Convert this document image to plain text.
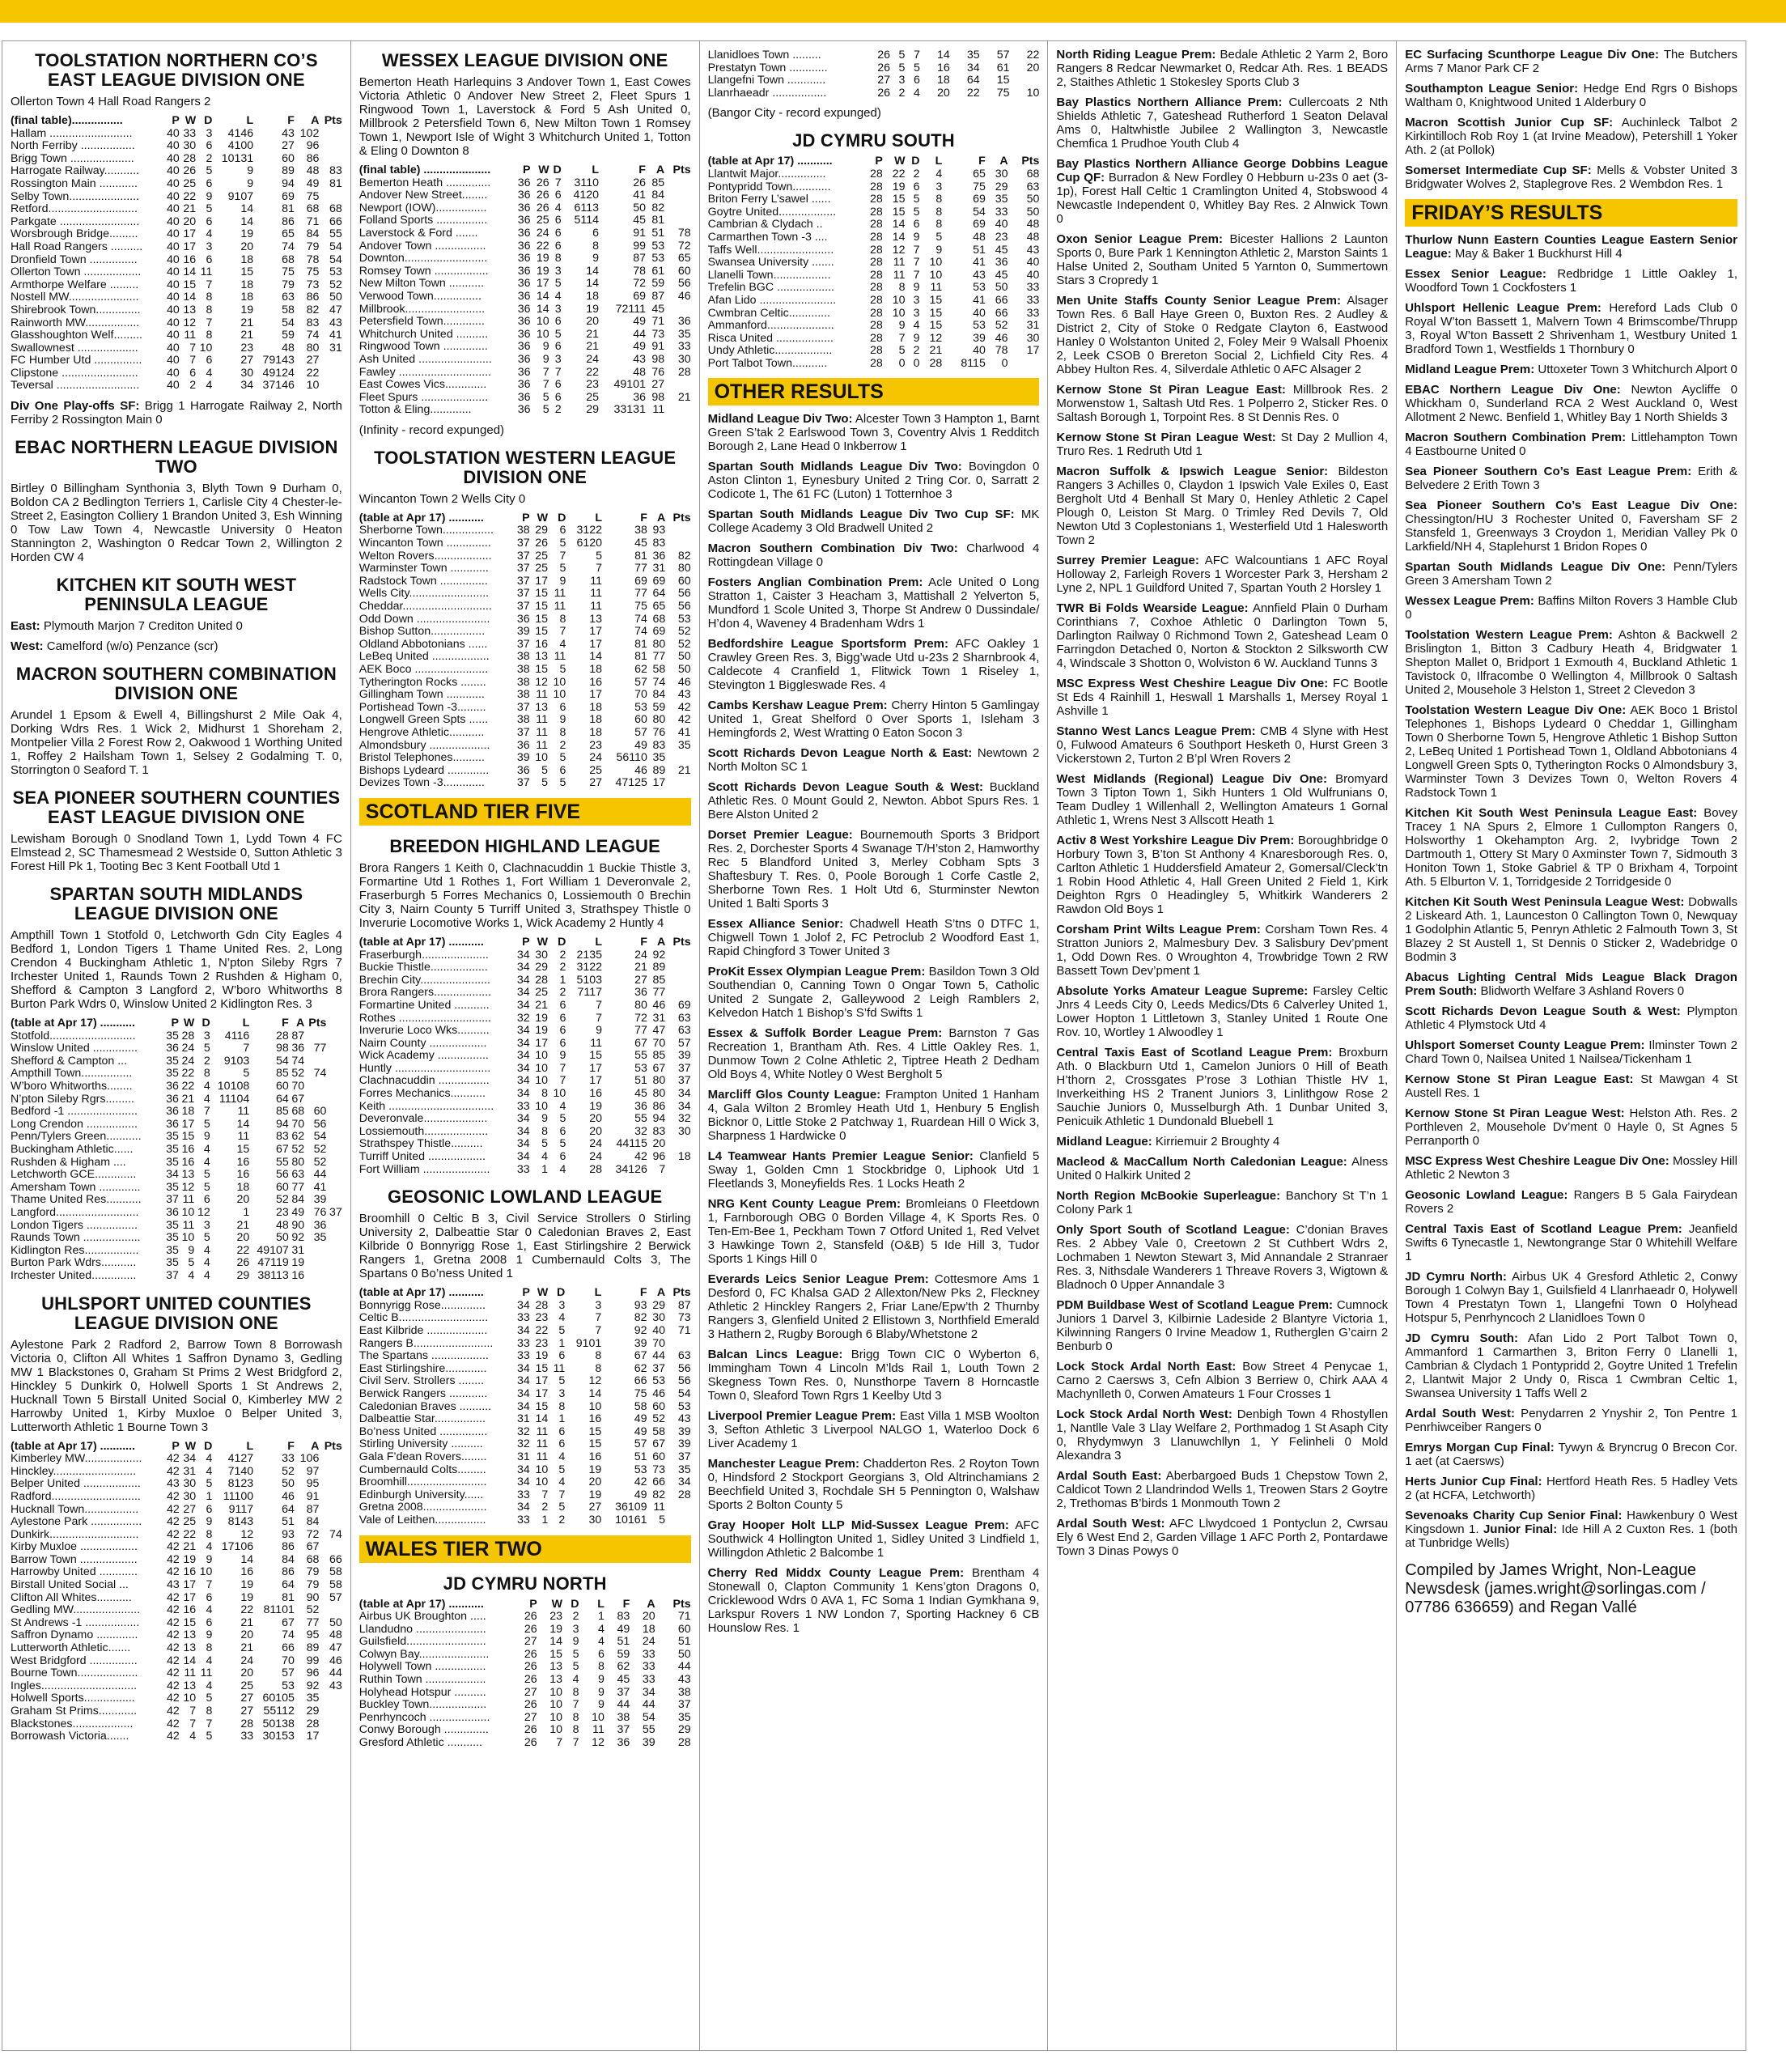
TOOLSTATION NORTHERN CO’S EAST LEAGUE DIVISION ONE
Ollerton Town 4 Hall Road Rangers 2
(final table)................	P	W	D	L	F	A	Pts
Hallam ..........................	40	33	3	4146	43	102	
North Ferriby .................	40	30	6	4100	27	96	
Brigg Town ....................	40	28	2	10131	60	86	
Harrogate Railway...........	40	26	5	9	89	48	83
Rossington Main ............	40	25	6	9	94	49	81
Selby Town......................	40	22	9	9107	69	75	
Retford............................	40	21	5	14	81	68	68
Parkgate .........................	40	20	6	14	86	71	66
Worsbrough Bridge.........	40	17	4	19	65	84	55
Hall Road Rangers ..........	40	17	3	20	74	79	54
Dronfield Town ...............	40	16	6	18	68	78	54
Ollerton Town ..................	40	14	11	15	75	75	53
Armthorpe Welfare .........	40	15	7	18	79	73	52
Nostell MW......................	40	14	8	18	63	86	50
Shirebrook Town..............	40	13	8	19	58	82	47
Rainworth MW.................	40	12	7	21	54	83	43
Glasshoughton Welf.........	40	11	8	21	59	74	41
Swallownest ...................	40	7	10	23	48	80	31
FC Humber Utd ...............	40	7	6	27	79143	27	
Clipstone ........................	40	6	4	30	49124	22	
Teversal ..........................	40	2	4	34	37146	10	
Div One Play-offs SF: Brigg 1 Harrogate Railway 2, North Ferriby 2 Rossington Main 0
EBAC NORTHERN LEAGUE DIVISION TWO
Birtley 0 Billingham Synthonia 3, Blyth Town 9 Durham 0, Boldon CA 2 Bedlington Terriers 1, Carlisle City 4 Chester-le-Street 2, Easington Colliery 1 Brandon United 3, Esh Winning 0 Tow Law Town 4, Newcastle University 0 Heaton Stannington 2, Washington 0 Redcar Town 2, Willington 2 Horden CW 4
KITCHEN KIT SOUTH WEST PENINSULA LEAGUE
East: Plymouth Marjon 7 Crediton United 0
West: Camelford (w/o) Penzance (scr)
MACRON SOUTHERN COMBINATION DIVISION ONE
Arundel 1 Epsom & Ewell 4, Billingshurst 2 Mile Oak 4, Dorking Wdrs Res. 1 Wick 2, Midhurst 1 Shoreham 2, Montpelier Villa 2 Forest Row 2, Oakwood 1 Worthing United 1, Roffey 2 Hailsham Town 1, Selsey 2 Godalming T. 0, Storrington 0 Seaford T. 1
SEA PIONEER SOUTHERN COUNTIES EAST LEAGUE DIVISION ONE
Lewisham Borough 0 Snodland Town 1, Lydd Town 4 FC Elmstead 2, SC Thamesmead 2 Westside 0, Sutton Athletic 3 Forest Hill Pk 1, Tooting Bec 3 Kent Football Utd 1
SPARTAN SOUTH MIDLANDS LEAGUE DIVISION ONE
Ampthill Town 1 Stotfold 0, Letchworth Gdn City Eagles 4 Bedford 1, London Tigers 1 Thame United Res. 2, Long Crendon 4 Buckingham Athletic 1, N’pton Sileby Rgrs 7 Irchester United 1, Raunds Town 2 Rushden & Higham 0, Shefford & Campton 3 Langford 2, W’boro Whitworths 8 Burton Park Wdrs 0, Winslow United 2 Kidlington Res. 3
(table at Apr 17) ...........	P	W	D	L	F	A	Pts	
Stotfold...........................	35	28	3	4116	28	87		
Winslow United ..............	36	24	5	7	98	36	77	
Shefford & Campton ...	35	24	2	9103	54	74		
Ampthill Town................	35	22	8	5	85	52	74	
W’boro Whitworths........	36	22	4	10108	60	70		
N’pton Sileby Rgrs.........	36	21	4	11104	64	67		
Bedford -1 ......................	36	18	7	11	85	68	60	
Long Crendon ................	36	17	5	14	94	70	56	
Penn/Tylers Green...........	35	15	9	11	83	62	54	
Buckingham Athletic......	35	16	4	15	67	52	52	
Rushden & Higham ....	35	16	4	16	55	80	52	
Letchworth GCE.............	34	13	5	16	56	63	44	
Amersham Town .............	35	12	5	18	60	77	41	
Thame United Res...........	37	11	6	20	52	84	39	
Langford..........................	36	10	12	1	23	49	76	37
London Tigers ................	35	11	3	21	48	90	36	
Raunds Town ..................	35	10	5	20	50	92	35	
Kidlington Res.................	35	9	4	22	49107	31		
Burton Park Wdrs...........	35	5	4	26	47119	19		
Irchester United..............	37	4	4	29	38113	16		
UHLSPORT UNITED COUNTIES LEAGUE DIVISION ONE
Aylestone Park 2 Radford 2, Barrow Town 8 Borrowash Victoria 0, Clifton All Whites 1 Saffron Dynamo 3, Gedling MW 1 Blackstones 0, Graham St Prims 2 West Bridgford 2, Hinckley 5 Dunkirk 0, Holwell Sports 1 St Andrews 2, Hucknall Town 5 Birstall United Social 0, Kimberley MW 2 Harrowby United 1, Kirby Muxloe 0 Belper United 3, Lutterworth Athletic 1 Bourne Town 3
(table at Apr 17) ...........	P	W	D	L	F	A	Pts
Kimberley MW..................	42	34	4	4127	33	106	
Hinckley..........................	42	31	4	7140	52	97	
Belper United ..................	43	30	5	8123	50	95	
Radford............................	42	30	1	11100	46	91	
Hucknall Town.................	42	27	6	9117	64	87	
Aylestone Park ................	42	25	9	8143	51	84	
Dunkirk............................	42	22	8	12	93	72	74
Kirby Muxloe ..................	42	21	4	17106	86	67	
Barrow Town ..................	42	19	9	14	84	68	66
Harrowby United ............	42	16	10	16	86	79	58
Birstall United Social ...	43	17	7	19	64	79	58
Clifton All Whites...........	42	17	6	19	81	90	57
Gedling MW.....................	42	16	4	22	81101	52	
St Andrews -1 .................	42	15	6	21	67	77	50
Saffron Dynamo .............	42	13	9	20	74	95	48
Lutterworth Athletic.......	42	13	8	21	66	89	47
West Bridgford ...............	42	14	4	24	70	99	46
Bourne Town...................	42	11	11	20	57	96	44
Ingles..............................	42	13	4	25	53	92	43
Holwell Sports................	42	10	5	27	60105	35	
Graham St Prims............	42	7	8	27	55112	29	
Blackstones...................	42	7	7	28	50138	28	
Borrowash Victoria.......	42	4	5	33	30153	17	
WESSEX LEAGUE DIVISION ONE
Bemerton Heath Harlequins 3 Andover Town 1, East Cowes Victoria Athletic 0 Andover New Street 2, Fleet Spurs 1 Ringwood Town 1, Laverstock & Ford 5 Ash United 0, Millbrook 2 Petersfield Town 6, New Milton Town 1 Romsey Town 1, Newport Isle of Wight 3 Whitchurch United 1, Totton & Eling 0 Downton 8
(final table) .....................	P	W	D	L	F	A	Pts
Bemerton Heath ..............	36	26	7	3110	26	85	
Andover New Street........	36	26	6	4120	41	84	
Newport (IOW)................	36	26	4	6113	50	82	
Folland Sports ................	36	25	6	5114	45	81	
Laverstock & Ford .......	36	24	6	6	91	51	78
Andover Town ................	36	22	6	8	99	53	72
Downton..........................	36	19	8	9	87	53	65
Romsey Town .................	36	19	3	14	78	61	60
New Milton Town ...........	36	17	5	14	72	59	56
Verwood Town...............	36	14	4	18	69	87	46
Millbrook.........................	36	14	3	19	72111	45	
Petersfield Town.............	36	10	6	20	49	71	36
Whitchurch United ..........	36	10	5	21	44	73	35
Ringwood Town ..............	36	9	6	21	49	91	33
Ash United .......................	36	9	3	24	43	98	30
Fawley .............................	36	7	7	22	48	76	28
East Cowes Vics.............	36	7	6	23	49101	27	
Fleet Spurs .....................	36	5	6	25	36	98	21
Totton & Eling.............	36	5	2	29	33131	11	
(Infinity - record expunged)
TOOLSTATION WESTERN LEAGUE DIVISION ONE
Wincanton Town 2 Wells City 0
(table at Apr 17) ...........	P	W	D	L	F	A	Pts
Sherborne Town................	38	29	6	3122	38	93	
Wincanton Town ..............	37	26	5	6120	45	83	
Welton Rovers..................	37	25	7	5	81	36	82
Warminster Town ............	37	25	5	7	77	31	80
Radstock Town ...............	37	17	9	11	69	69	60
Wells City.........................	37	15	11	11	77	64	56
Cheddar............................	37	15	11	11	75	65	56
Odd Down .......................	36	15	8	13	74	68	53
Bishop Sutton.................	39	15	7	17	74	69	52
Oldland Abbotonians ......	37	16	4	17	81	80	52
LeBeq United ..................	38	13	11	14	81	77	50
AEK Boco .......................	38	15	5	18	62	58	50
Tytherington Rocks ........	38	12	10	16	57	74	46
Gillingham Town ............	38	11	10	17	70	84	43
Portishead Town -3.........	37	13	6	18	53	59	42
Longwell Green Spts ......	38	11	9	18	60	80	42
Hengrove Athletic...........	37	11	8	18	57	76	41
Almondsbury ...................	36	11	2	23	49	83	35
Bristol Telephones..........	39	10	5	24	56110	35	
Bishops Lydeard .............	36	5	6	25	46	89	21
Devizes Town -3.............	37	5	5	27	47125	17	
SCOTLAND TIER FIVE
BREEDON HIGHLAND LEAGUE
Brora Rangers 1 Keith 0, Clachnacuddin 1 Buckie Thistle 3, Formartine Utd 1 Rothes 1, Fort William 1 Deveronvale 2, Fraserburgh 5 Forres Mechanics 0, Lossiemouth 0 Brechin City 3, Nairn County 5 Turriff United 3, Strathspey Thistle 0 Inverurie Locomotive Works 1, Wick Academy 2 Huntly 4
(table at Apr 17) ...........	P	W	D	L	F	A	Pts
Fraserburgh.....................	34	30	2	2135	24	92	
Buckie Thistle..................	34	29	2	3122	21	89	
Brechin City......................	34	28	1	5103	27	85	
Brora Rangers..................	34	25	2	7117	36	77	
Formartine United ...........	34	21	6	7	80	46	69
Rothes .............................	32	19	6	7	72	31	63
Inverurie Loco Wks..........	34	19	6	9	77	47	63
Nairn County ..................	34	17	6	11	67	70	57
Wick Academy ................	34	10	9	15	55	85	39
Huntly ..............................	34	10	7	17	53	67	37
Clachnacuddin ................	34	10	7	17	51	80	37
Forres Mechanics...........	34	8	10	16	45	80	34
Keith .................................	33	10	4	19	36	86	34
Deveronvale....................	34	9	5	20	55	94	32
Lossiemouth....................	34	8	6	20	32	83	30
Strathspey Thistle..........	34	5	5	24	44115	20	
Turriff United ..................	34	4	6	24	42	96	18
Fort William .....................	33	1	4	28	34126	7	
GEOSONIC LOWLAND LEAGUE
Broomhill 0 Celtic B 3, Civil Service Strollers 0 Stirling University 2, Dalbeattie Star 0 Caledonian Braves 2, East Kilbride 0 Bonnyrigg Rose 1, East Stirlingshire 2 Berwick Rangers 1, Gretna 2008 1 Cumbernauld Colts 3, The Spartans 0 Bo’ness United 1
(table at Apr 17) ...........	P	W	D	L	F	A	Pts
Bonnyrigg Rose..............	34	28	3	3	93	29	87
Celtic B............................	33	23	4	7	82	30	73
East Kilbride ...................	34	22	5	7	92	40	71
Rangers B.........................	33	23	1	9101	39	70	
The Spartans ..................	33	19	6	8	67	44	63
East Stirlingshire.............	34	15	11	8	62	37	56
Civil Serv. Strollers ........	34	17	5	12	66	53	56
Berwick Rangers ............	34	17	3	14	75	46	54
Caledonian Braves ..........	34	15	8	10	58	60	53
Dalbeattie Star................	31	14	1	16	49	52	43
Bo’ness United ...............	32	11	6	15	49	58	39
Stirling University ..........	32	11	6	15	57	67	39
Gala F’dean Rovers........	31	11	4	16	51	60	37
Cumbernauld Colts.........	34	10	5	19	53	73	35
Broomhill.........................	34	10	4	20	42	66	34
Edinburgh University......	33	7	7	19	49	82	28
Gretna 2008....................	34	2	5	27	36109	11	
Vale of Leithen................	33	1	2	30	10161	5	
WALES TIER TWO
JD CYMRU NORTH
(table at Apr 17) ...........	P	W	D	L	F	A	Pts
Airbus UK Broughton .....	26	23	2	1	83	20	71
Llandudno ......................	26	19	3	4	49	18	60
Guilsfield.........................	27	14	9	4	51	24	51
Colwyn Bay......................	26	15	5	6	59	33	50
Holywell Town ................	26	13	5	8	62	33	44
Ruthin Town ...................	26	13	4	9	45	33	43
Holyhead Hotspur ..........	27	10	8	9	37	34	38
Buckley Town..................	26	10	7	9	44	44	37
Penrhyncoch ...................	27	10	8	10	38	54	35
Conwy Borough ..............	26	10	8	11	37	55	29
Gresford Athletic ...........	26	7	7	12	36	39	28
Llanidloes Town .........	26	5	7	14	35	57	22
Prestatyn Town ............	26	5	5	16	34	61	20
Llangefni Town ............	27	3	6	18	64	15	
Llanrhaeadr .................	26	2	4	20	22	75	10
(Bangor City - record expunged)
JD CYMRU SOUTH
(table at Apr 17) ...........	P	W	D	L	F	A	Pts
Llantwit Major...............	28	22	2	4	65	30	68
Pontypridd Town............	28	19	6	3	75	29	63
Briton Ferry L’sawel ......	28	15	5	8	69	35	50
Goytre United..................	28	15	5	8	54	33	50
Cambrian & Clydach ..	28	14	6	8	69	40	48
Carmarthen Town -3 ....	28	14	9	5	48	23	48
Taffs Well........................	28	12	7	9	51	45	43
Swansea University .......	28	11	7	10	41	36	40
Llanelli Town..................	28	11	7	10	43	45	40
Trefelin BGC ..................	28	8	9	11	53	50	33
Afan Lido ........................	28	10	3	15	41	66	33
Cwmbran Celtic.............	28	10	3	15	40	66	33
Ammanford.....................	28	9	4	15	53	52	31
Risca United ..................	28	7	9	12	39	46	30
Undy Athletic..................	28	5	2	21	40	78	17
Port Talbot Town...........	28	0	0	28	8115	0	
OTHER RESULTS
Midland League Div Two: Alcester Town 3 Hampton 1, Barnt Green S’tak 2 Earlswood Town 3, Coventry Alvis 1 Redditch Borough 2, Lane Head 0 Inkberrow 1
Spartan South Midlands League Div Two: Bovingdon 0 Aston Clinton 1, Eynesbury United 2 Tring Cor. 0, Sarratt 2 Codicote 1, The 61 FC (Luton) 1 Totternhoe 3
Spartan South Midlands League Div Two Cup SF: MK College Academy 3 Old Bradwell United 2
Macron Southern Combination Div Two: Charlwood 4 Rottingdean Village 0
Fosters Anglian Combination Prem: Acle United 0 Long Stratton 1, Caister 3 Heacham 3, Mattishall 2 Yelverton 5, Mundford 1 Scole United 3, Thorpe St Andrew 0 Dussindale/ H’don 4, Waveney 4 Bradenham Wdrs 1
Bedfordshire League Sportsform Prem: AFC Oakley 1 Crawley Green Res. 3, Bigg’wade Utd u-23s 2 Sharnbrook 4, Caldecote 4 Cranfield 1, Flitwick Town 1 Riseley 1, Stevington 1 Biggleswade Res. 4
Cambs Kershaw League Prem: Cherry Hinton 5 Gamlingay United 1, Great Shelford 0 Over Sports 1, Isleham 3 Hemingfords 2, West Wratting 0 Eaton Socon 3
Scott Richards Devon League North & East: Newtown 2 North Molton SC 1
Scott Richards Devon League South & West: Buckland Athletic Res. 0 Mount Gould 2, Newton. Abbot Spurs Res. 1 Bere Alston United 2
Dorset Premier League: Bournemouth Sports 3 Bridport Res. 2, Dorchester Sports 4 Swanage T/H’ston 2, Hamworthy Rec 5 Blandford United 3, Merley Cobham Spts 3 Shaftesbury T. Res. 0, Poole Borough 1 Corfe Castle 2, Sherborne Town Res. 1 Holt Utd 6, Sturminster Newton United 1 Balti Sports 3
Essex Alliance Senior: Chadwell Heath S’tns 0 DTFC 1, Chigwell Town 1 Jolof 2, FC Petroclub 2 Woodford East 1, Rapid Chingford 3 Tower United 3
ProKit Essex Olympian League Prem: Basildon Town 3 Old Southendian 0, Canning Town 0 Ongar Town 5, Catholic United 2 Sungate 2, Galleywood 2 Leigh Ramblers 2, Kelvedon Hatch 1 Bishop’s S’fd Swifts 1
Essex & Suffolk Border League Prem: Barnston 7 Gas Recreation 1, Brantham Ath. Res. 4 Little Oakley Res. 1, Dunmow Town 2 Colne Athletic 2, Tiptree Heath 2 Dedham Old Boys 4, White Notley 0 West Bergholt 5
Marcliff Glos County League: Frampton United 1 Hanham 4, Gala Wilton 2 Bromley Heath Utd 1, Henbury 5 English Bicknor 0, Little Stoke 2 Patchway 1, Ruardean Hill 0 Wick 3, Sharpness 1 Hardwicke 0
L4 Teamwear Hants Premier League Senior: Clanfield 5 Sway 1, Golden Cmn 1 Stockbridge 0, Liphook Utd 1 Fleetlands 3, Moneyfields Res. 1 Locks Heath 2
NRG Kent County League Prem: Bromleians 0 Fleetdown 1, Farnborough OBG 0 Borden Village 4, K Sports Res. 0 Ten-Em-Bee 1, Peckham Town 7 Otford United 1, Red Velvet 3 Hawkinge Town 2, Stansfeld (O&B) 5 Ide Hill 3, Tudor Sports 1 Kings Hill 0
Everards Leics Senior League Prem: Cottesmore Ams 1 Desford 0, FC Khalsa GAD 2 Allexton/New Pks 2, Fleckney Athletic 2 Hinckley Rangers 2, Friar Lane/Epw’th 2 Thurnby Rangers 3, Glenfield United 2 Ellistown 3, Northfield Emerald 3 Hathern 2, Rugby Borough 6 Blaby/Whetstone 2
Balcan Lincs League: Brigg Town CIC 0 Wyberton 6, Immingham Town 4 Lincoln M’lds Rail 1, Louth Town 2 Skegness Town Res. 0, Nunsthorpe Tavern 8 Horncastle Town 0, Sleaford Town Rgrs 1 Keelby Utd 3
Liverpool Premier League Prem: East Villa 1 MSB Woolton 3, Sefton Athletic 3 Liverpool NALGO 1, Waterloo Dock 6 Liver Academy 1
Manchester League Prem: Chadderton Res. 2 Royton Town 0, Hindsford 2 Stockport Georgians 3, Old Altrinchamians 2 Beechfield United 3, Rochdale SH 5 Pennington 0, Walshaw Sports 2 Bolton County 5
Gray Hooper Holt LLP Mid-Sussex League Prem: AFC Southwick 4 Hollington United 1, Sidley United 3 Lindfield 1, Willingdon Athletic 2 Balcombe 1
Cherry Red Middx County League Prem: Brentham 4 Stonewall 0, Clapton Community 1 Kens’gton Dragons 0, Cricklewood Wdrs 0 AVA 1, FC Soma 1 Indian Gymkhana 9, Larkspur Rovers 1 NW London 7, Sporting Hackney 6 CB Hounslow Res. 1
North Riding League Prem: Bedale Athletic 2 Yarm 2, Boro Rangers 8 Redcar Newmarket 0, Redcar Ath. Res. 1 BEADS 2, Staithes Athletic 1 Stokesley Sports Club 3
Bay Plastics Northern Alliance Prem: Cullercoats 2 Nth Shields Athletic 7, Gateshead Rutherford 1 Seaton Delaval Ams 0, Haltwhistle Jubilee 2 Wallington 3, Newcastle Chemfica 1 Prudhoe Youth Club 4
Bay Plastics Northern Alliance George Dobbins League Cup QF: Burradon & New Fordley 0 Hebburn u-23s 0 aet (3-1p), Forest Hall Celtic 1 Cramlington United 4, Stobswood 4 Newcastle Independent 0, Whitley Bay Res. 2 Alnwick Town 0
Oxon Senior League Prem: Bicester Hallions 2 Launton Sports 0, Bure Park 1 Kennington Athletic 2, Marston Saints 1 Halse United 2, Southam United 5 Yarnton 0, Summertown Stars 3 Cropredy 1
Men Unite Staffs County Senior League Prem: Alsager Town Res. 6 Ball Haye Green 0, Buxton Res. 2 Audley & District 2, City of Stoke 0 Redgate Clayton 6, Eastwood Hanley 0 Wolstanton United 2, Foley Meir 9 Walsall Phoenix 2, Leek CSOB 0 Brereton Social 2, Lichfield City Res. 4 Abbey Hulton Res. 4, Silverdale Athletic 0 AFC Alsager 2
Kernow Stone St Piran League East: Millbrook Res. 2 Morwenstow 1, Saltash Utd Res. 1 Polperro 2, Sticker Res. 0 Saltash Borough 1, Torpoint Res. 8 St Dennis Res. 0
Kernow Stone St Piran League West: St Day 2 Mullion 4, Truro Res. 1 Redruth Utd 1
Macron Suffolk & Ipswich League Senior: Bildeston Rangers 3 Achilles 0, Claydon 1 Ipswich Vale Exiles 0, East Bergholt Utd 4 Benhall St Mary 0, Henley Athletic 2 Capel Plough 0, Leiston St Marg. 0 Trimley Red Devils 7, Old Newton Utd 3 Coplestonians 1, Westerfield Utd 1 Halesworth Town 2
Surrey Premier League: AFC Walcountians 1 AFC Royal Holloway 2, Farleigh Rovers 1 Worcester Park 3, Hersham 2 Lyne 2, NPL 1 Guildford United 7, Spartan Youth 2 Horsley 1
TWR Bi Folds Wearside League: Annfield Plain 0 Durham Corinthians 7, Coxhoe Athletic 0 Darlington Town 5, Darlington Railway 0 Richmond Town 2, Gateshead Leam 0 Farringdon Detached 0, Norton & Stockton 2 Silksworth CW 4, Windscale 3 Shotton 0, Wolviston 6 W. Auckland Tunns 3
MSC Express West Cheshire League Div One: FC Bootle St Eds 4 Rainhill 1, Heswall 1 Marshalls 1, Mersey Royal 1 Ashville 1
Stanno West Lancs League Prem: CMB 4 Slyne with Hest 0, Fulwood Amateurs 6 Southport Hesketh 0, Hurst Green 3 Vickerstown 2, Turton 2 B’pl Wren Rovers 2
West Midlands (Regional) League Div One: Bromyard Town 3 Tipton Town 1, Sikh Hunters 1 Old Wulfrunians 0, Team Dudley 1 Willenhall 2, Wellington Amateurs 1 Gornal Athletic 1, Wrens Nest 3 Allscott Heath 1
Activ 8 West Yorkshire League Div Prem: Boroughbridge 0 Horbury Town 3, B’ton St Anthony 4 Knaresborough Res. 0, Carlton Athletic 1 Huddersfield Amateur 2, Gomersal/Cleck’tn 1 Robin Hood Athletic 4, Hall Green United 2 Field 1, Kirk Deighton Rgrs 0 Headingley 5, Whitkirk Wanderers 2 Rawdon Old Boys 1
Corsham Print Wilts League Prem: Corsham Town Res. 4 Stratton Juniors 2, Malmesbury Dev. 3 Salisbury Dev’pment 1, Odd Down Res. 0 Wroughton 4, Trowbridge Town 2 RW Bassett Town Dev’pment 1
Absolute Yorks Amateur League Supreme: Farsley Celtic Jnrs 4 Leeds City 0, Leeds Medics/Dts 6 Calverley United 1, Lower Hopton 1 Littletown 3, Stanley United 1 Route One Rov. 10, Wortley 1 Alwoodley 1
Central Taxis East of Scotland League Prem: Broxburn Ath. 0 Blackburn Utd 1, Camelon Juniors 0 Hill of Beath H’thorn 2, Crossgates P’rose 3 Lothian Thistle HV 1, Inverkeithing HS 2 Tranent Juniors 3, Linlithgow Rose 2 Sauchie Juniors 0, Musselburgh Ath. 1 Dunbar United 3, Penicuik Athletic 1 Dundonald Bluebell 1
Midland League: Kirriemuir 2 Broughty 4
Macleod & MacCallum North Caledonian League: Alness United 0 Halkirk United 2
North Region McBookie Superleague: Banchory St T’n 1 Colony Park 1
Only Sport South of Scotland League: C’donian Braves Res. 2 Abbey Vale 0, Creetown 2 St Cuthbert Wdrs 2, Lochmaben 1 Newton Stewart 3, Mid Annandale 2 Stranraer Res. 3, Nithsdale Wanderers 1 Threave Rovers 3, Wigtown & Bladnoch 0 Upper Annandale 3
PDM Buildbase West of Scotland League Prem: Cumnock Juniors 1 Darvel 3, Kilbirnie Ladeside 2 Blantyre Victoria 1, Kilwinning Rangers 0 Irvine Meadow 1, Rutherglen G’cairn 2 Benburb 0
Lock Stock Ardal North East: Bow Street 4 Penycae 1, Carno 2 Caersws 3, Cefn Albion 3 Berriew 0, Chirk AAA 4 Machynlleth 0, Corwen Amateurs 1 Four Crosses 1
Lock Stock Ardal North West: Denbigh Town 4 Rhostyllen 1, Nantlle Vale 3 Llay Welfare 2, Porthmadog 1 St Asaph City 0, Rhydymwyn 3 Llanuwchllyn 1, Y Felinheli 0 Mold Alexandra 3
Ardal South East: Aberbargoed Buds 1 Chepstow Town 2, Caldicot Town 2 Llandrindod Wells 1, Treowen Stars 2 Goytre 2, Trethomas B’birds 1 Monmouth Town 2
Ardal South West: AFC Llwydcoed 1 Pontyclun 2, Cwrsau Ely 6 West End 2, Garden Village 1 AFC Porth 2, Pontardawe Town 3 Dinas Powys 0
EC Surfacing Scunthorpe League Div One: The Butchers Arms 7 Manor Park CF 2
Southampton League Senior: Hedge End Rgrs 0 Bishops Waltham 0, Knightwood United 1 Alderbury 0
Macron Scottish Junior Cup SF: Auchinleck Talbot 2 Kirkintilloch Rob Roy 1 (at Irvine Meadow), Petershill 1 Yoker Ath. 2 (at Pollok)
Somerset Intermediate Cup SF: Mells & Vobster United 3 Bridgwater Wolves 2, Staplegrove Res. 2 Wembdon Res. 1
FRIDAY’S RESULTS
Thurlow Nunn Eastern Counties League Eastern Senior League: May & Baker 1 Buckhurst Hill 4
Essex Senior League: Redbridge 1 Little Oakley 1, Woodford Town 1 Cockfosters 1
Uhlsport Hellenic League Prem: Hereford Lads Club 0 Royal W’ton Bassett 1, Malvern Town 4 Brimscombe/Thrupp 3, Royal W’ton Bassett 2 Shrivenham 1, Westbury United 1 Bradford Town 1, Westfields 1 Thornbury 0
Midland League Prem: Uttoxeter Town 3 Whitchurch Alport 0
EBAC Northern League Div One: Newton Aycliffe 0 Whickham 0, Sunderland RCA 2 West Auckland 0, West Allotment 2 Newc. Benfield 1, Whitley Bay 1 North Shields 3
Macron Southern Combination Prem: Littlehampton Town 4 Eastbourne United 0
Sea Pioneer Southern Co’s East League Prem: Erith & Belvedere 2 Erith Town 3
Sea Pioneer Southern Co’s East League Div One: Chessington/HU 3 Rochester United 0, Faversham SF 2 Stansfeld 1, Greenways 3 Croydon 1, Meridian Valley Pk 0 Larkfield/NH 4, Staplehurst 1 Bridon Ropes 0
Spartan South Midlands League Div One: Penn/Tylers Green 3 Amersham Town 2
Wessex League Prem: Baffins Milton Rovers 3 Hamble Club 0
Toolstation Western League Prem: Ashton & Backwell 2 Brislington 1, Bitton 3 Cadbury Heath 4, Bridgwater 1 Shepton Mallet 0, Bridport 1 Exmouth 4, Buckland Athletic 1 Tavistock 0, Ilfracombe 0 Wellington 4, Millbrook 0 Saltash United 2, Mousehole 3 Helston 1, Street 2 Clevedon 3
Toolstation Western League Div One: AEK Boco 1 Bristol Telephones 1, Bishops Lydeard 0 Cheddar 1, Gillingham Town 0 Sherborne Town 5, Hengrove Athletic 1 Bishop Sutton 2, LeBeq United 1 Portishead Town 1, Oldland Abbotonians 4 Longwell Green Spts 0, Tytherington Rocks 0 Almondsbury 3, Warminster Town 3 Devizes Town 0, Welton Rovers 4 Radstock Town 1
Kitchen Kit South West Peninsula League East: Bovey Tracey 1 NA Spurs 2, Elmore 1 Cullompton Rangers 0, Holsworthy 1 Okehampton Arg. 2, Ivybridge Town 2 Dartmouth 1, Ottery St Mary 0 Axminster Town 7, Sidmouth 3 Honiton Town 1, Stoke Gabriel & TP 0 Brixham 4, Torpoint Ath. 5 Elburton V. 1, Torridgeside 2 Torridgeside 0
Kitchen Kit South West Peninsula League West: Dobwalls 2 Liskeard Ath. 1, Launceston 0 Callington Town 0, Newquay 1 Godolphin Atlantic 5, Penryn Athletic 2 Falmouth Town 3, St Blazey 2 St Austell 1, St Dennis 0 Sticker 2, Wadebridge 0 Bodmin 3
Abacus Lighting Central Mids League Black Dragon Prem South: Blidworth Welfare 3 Ashland Rovers 0
Scott Richards Devon League South & West: Plympton Athletic 4 Plymstock Utd 4
Uhlsport Somerset County League Prem: Ilminster Town 2 Chard Town 0, Nailsea United 1 Nailsea/Tickenham 1
Kernow Stone St Piran League East: St Mawgan 4 St Austell Res. 1
Kernow Stone St Piran League West: Helston Ath. Res. 2 Porthleven 2, Mousehole Dv’ment 0 Hayle 0, St Agnes 5 Perranporth 0
MSC Express West Cheshire League Div One: Mossley Hill Athletic 2 Newton 3
Geosonic Lowland League: Rangers B 5 Gala Fairydean Rovers 2
Central Taxis East of Scotland League Prem: Jeanfield Swifts 6 Tynecastle 1, Newtongrange Star 0 Whitehill Welfare 1
JD Cymru North: Airbus UK 4 Gresford Athletic 2, Conwy Borough 1 Colwyn Bay 1, Guilsfield 4 Llanrhaeadr 0, Holywell Town 4 Prestatyn Town 1, Llangefni Town 0 Holyhead Hotspur 5, Penrhyncoch 2 Llanidloes Town 0
JD Cymru South: Afan Lido 2 Port Talbot Town 0, Ammanford 1 Carmarthen 3, Briton Ferry 0 Llanelli 1, Cambrian & Clydach 1 Pontypridd 2, Goytre United 1 Trefelin 2, Llantwit Major 2 Undy 0, Risca 1 Cwmbran Celtic 1, Swansea University 1 Taffs Well 2
Ardal South West: Penydarren 2 Ynyshir 2, Ton Pentre 1 Penrhiwceiber Rangers 0
Emrys Morgan Cup Final: Tywyn & Bryncrug 0 Brecon Cor. 1 aet (at Caersws)
Herts Junior Cup Final: Hertford Heath Res. 5 Hadley Vets 2 (at HCFA, Letchworth)
Sevenoaks Charity Cup Senior Final: Hawkenbury 0 West Kingsdown 1. Junior Final: Ide Hill A 2 Cuxton Res. 1 (both at Tunbridge Wells)
Compiled by James Wright, Non-League Newsdesk (james.wright@sorlingas.com / 07786 636659) and Regan Vallé
